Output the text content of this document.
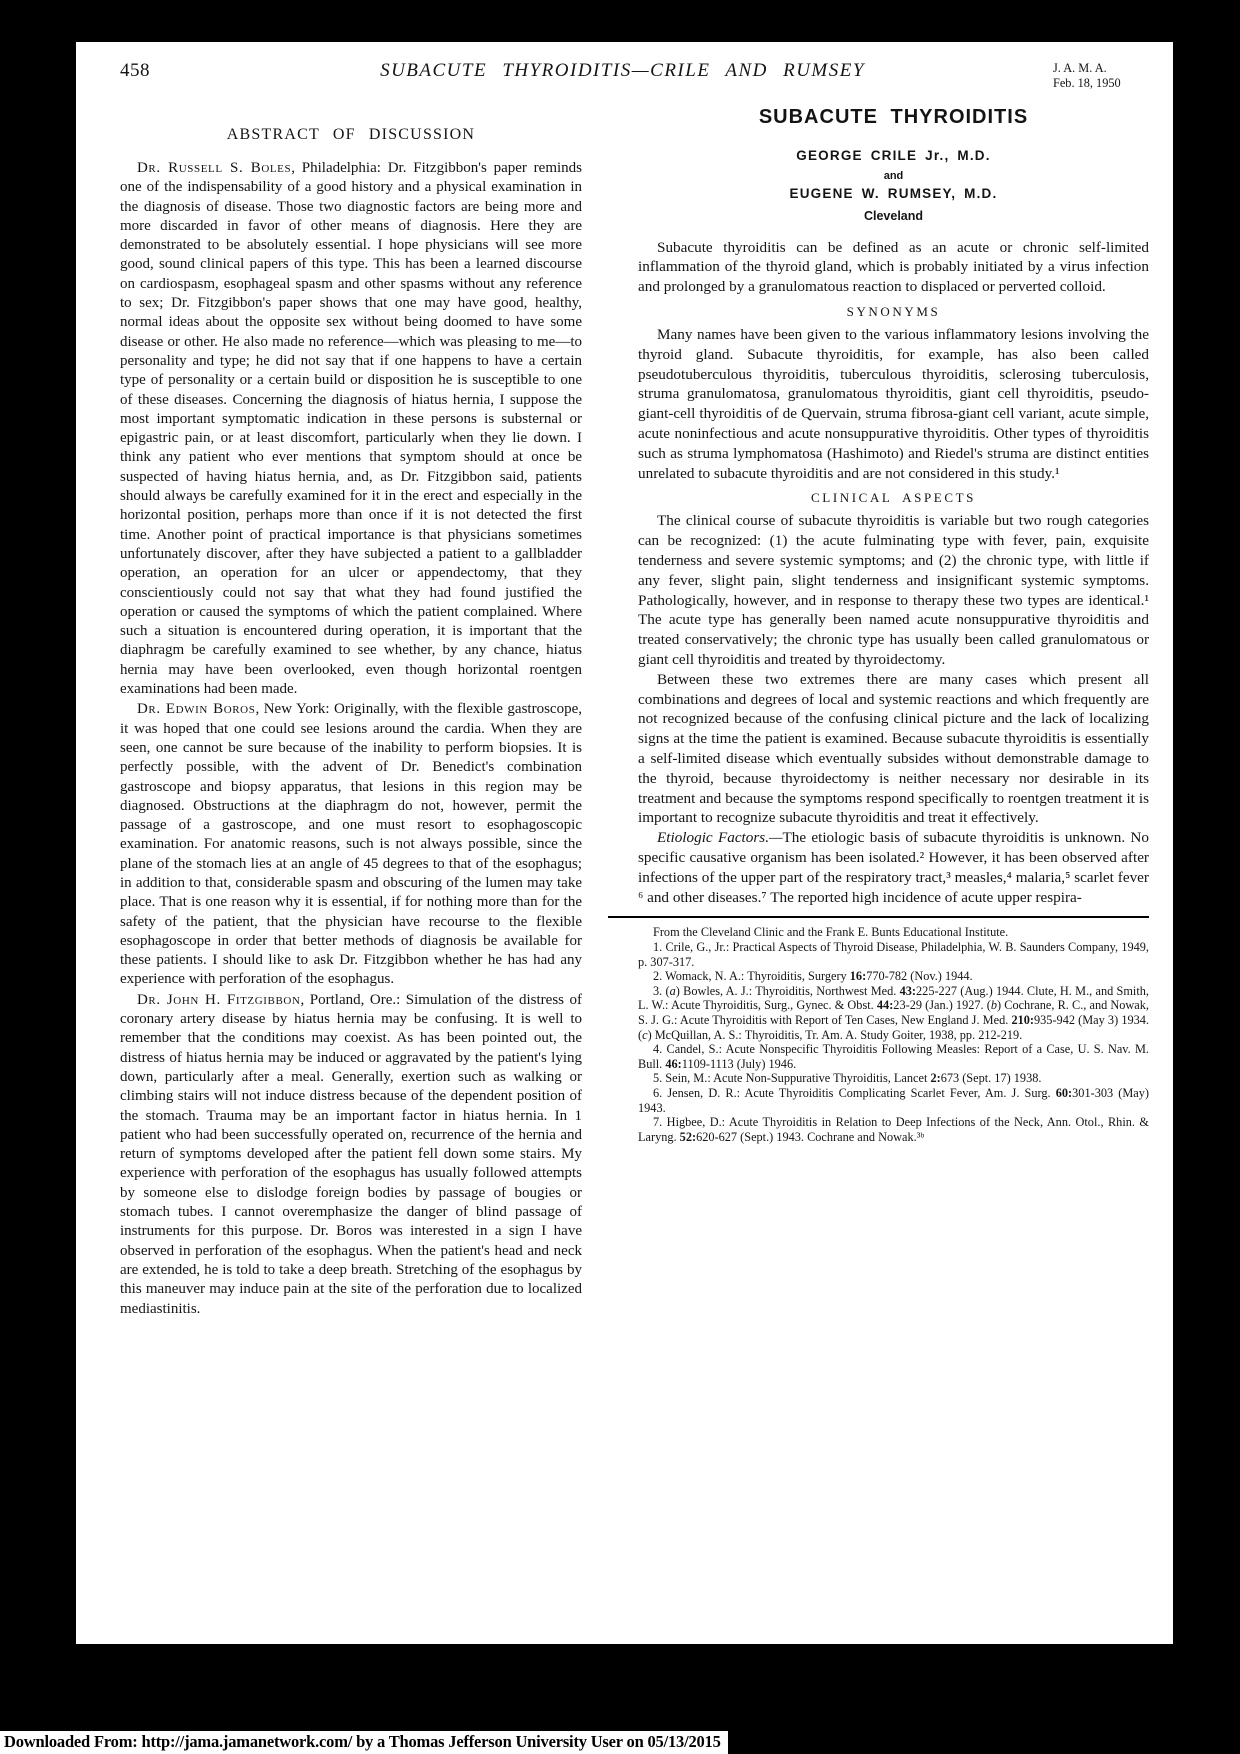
458	SUBACUTE THYROIDITIS—CRILE AND RUMSEY	J. A. M. A.
Feb. 18, 1950
ABSTRACT OF DISCUSSION

Dr. Russell S. Boles, Philadelphia: Dr. Fitzgibbon's paper reminds one of the indispensability of a good history and a physical examination in the diagnosis of disease. Those two diagnostic factors are being more and more discarded in favor of other means of diagnosis. Here they are demonstrated to be absolutely essential. I hope physicians will see more good, sound clinical papers of this type. This has been a learned discourse on cardiospasm, esophageal spasm and other spasms without any reference to sex; Dr. Fitzgibbon's paper shows that one may have good, healthy, normal ideas about the opposite sex without being doomed to have some disease or other. He also made no reference—which was pleasing to me—to personality and type; he did not say that if one happens to have a certain type of personality or a certain build or disposition he is susceptible to one of these diseases. Concerning the diagnosis of hiatus hernia, I suppose the most important symptomatic indication in these persons is substernal or epigastric pain, or at least discomfort, particularly when they lie down. I think any patient who ever mentions that symptom should at once be suspected of having hiatus hernia, and, as Dr. Fitzgibbon said, patients should always be carefully examined for it in the erect and especially in the horizontal position, perhaps more than once if it is not detected the first time. Another point of practical importance is that physicians sometimes unfortunately discover, after they have subjected a patient to a gallbladder operation, an operation for an ulcer or appendectomy, that they conscientiously could not say that what they had found justified the operation or caused the symptoms of which the patient complained. Where such a situation is encountered during operation, it is important that the diaphragm be carefully examined to see whether, by any chance, hiatus hernia may have been overlooked, even though horizontal roentgen examinations had been made.

Dr. Edwin Boros, New York: Originally, with the flexible gastroscope, it was hoped that one could see lesions around the cardia. When they are seen, one cannot be sure because of the inability to perform biopsies. It is perfectly possible, with the advent of Dr. Benedict's combination gastroscope and biopsy apparatus, that lesions in this region may be diagnosed. Obstructions at the diaphragm do not, however, permit the passage of a gastroscope, and one must resort to esophagoscopic examination. For anatomic reasons, such is not always possible, since the plane of the stomach lies at an angle of 45 degrees to that of the esophagus; in addition to that, considerable spasm and obscuring of the lumen may take place. That is one reason why it is essential, if for nothing more than for the safety of the patient, that the physician have recourse to the flexible esophagoscope in order that better methods of diagnosis be available for these patients. I should like to ask Dr. Fitzgibbon whether he has had any experience with perforation of the esophagus.

Dr. John H. Fitzgibbon, Portland, Ore.: Simulation of the distress of coronary artery disease by hiatus hernia may be confusing. It is well to remember that the conditions may coexist. As has been pointed out, the distress of hiatus hernia may be induced or aggravated by the patient's lying down, particularly after a meal. Generally, exertion such as walking or climbing stairs will not induce distress because of the dependent position of the stomach. Trauma may be an important factor in hiatus hernia. In 1 patient who had been successfully operated on, recurrence of the hernia and return of symptoms developed after the patient fell down some stairs. My experience with perforation of the esophagus has usually followed attempts by someone else to dislodge foreign bodies by passage of bougies or stomach tubes. I cannot overemphasize the danger of blind passage of instruments for this purpose. Dr. Boros was interested in a sign I have observed in perforation of the esophagus. When the patient's head and neck are extended, he is told to take a deep breath. Stretching of the esophagus by this maneuver may induce pain at the site of the perforation due to localized mediastinitis.

SUBACUTE THYROIDITIS
GEORGE CRILE Jr., M.D.
and
EUGENE W. RUMSEY, M.D.
Cleveland

Subacute thyroiditis can be defined as an acute or chronic self-limited inflammation of the thyroid gland, which is probably initiated by a virus infection and prolonged by a granulomatous reaction to displaced or perverted colloid.

SYNONYMS

Many names have been given to the various inflammatory lesions involving the thyroid gland. Subacute thyroiditis, for example, has also been called pseudotuberculous thyroiditis, tuberculous thyroiditis, sclerosing tuberculosis, struma granulomatosa, granulomatous thyroiditis, giant cell thyroiditis, pseudo-giant-cell thyroiditis of de Quervain, struma fibrosa-giant cell variant, acute simple, acute noninfectious and acute nonsuppurative thyroiditis. Other types of thyroiditis such as struma lymphomatosa (Hashimoto) and Riedel's struma are distinct entities unrelated to subacute thyroiditis and are not considered in this study.¹

CLINICAL ASPECTS

The clinical course of subacute thyroiditis is variable but two rough categories can be recognized: (1) the acute fulminating type with fever, pain, exquisite tenderness and severe systemic symptoms; and (2) the chronic type, with little if any fever, slight pain, slight tenderness and insignificant systemic symptoms. Pathologically, however, and in response to therapy these two types are identical.¹ The acute type has generally been named acute nonsuppurative thyroiditis and treated conservatively; the chronic type has usually been called granulomatous or giant cell thyroiditis and treated by thyroidectomy.

Between these two extremes there are many cases which present all combinations and degrees of local and systemic reactions and which frequently are not recognized because of the confusing clinical picture and the lack of localizing signs at the time the patient is examined. Because subacute thyroiditis is essentially a self-limited disease which eventually subsides without demonstrable damage to the thyroid, because thyroidectomy is neither necessary nor desirable in its treatment and because the symptoms respond specifically to roentgen treatment it is important to recognize subacute thyroiditis and treat it effectively.

Etiologic Factors.—The etiologic basis of subacute thyroiditis is unknown. No specific causative organism has been isolated.² However, it has been observed after infections of the upper part of the respiratory tract,³ measles,⁴ malaria,⁵ scarlet fever ⁶ and other diseases.⁷ The reported high incidence of acute upper respira-

From the Cleveland Clinic and the Frank E. Bunts Educational Institute.

1. Crile, G., Jr.: Practical Aspects of Thyroid Disease, Philadelphia, W. B. Saunders Company, 1949, p. 307-317.

2. Womack, N. A.: Thyroiditis, Surgery 16:770-782 (Nov.) 1944.

3. (a) Bowles, A. J.: Thyroiditis, Northwest Med. 43:225-227 (Aug.) 1944. Clute, H. M., and Smith, L. W.: Acute Thyroiditis, Surg., Gynec. & Obst. 44:23-29 (Jan.) 1927. (b) Cochrane, R. C., and Nowak, S. J. G.: Acute Thyroiditis with Report of Ten Cases, New England J. Med. 210:935-942 (May 3) 1934. (c) McQuillan, A. S.: Thyroiditis, Tr. Am. A. Study Goiter, 1938, pp. 212-219.

4. Candel, S.: Acute Nonspecific Thyroiditis Following Measles: Report of a Case, U. S. Nav. M. Bull. 46:1109-1113 (July) 1946.

5. Sein, M.: Acute Non-Suppurative Thyroiditis, Lancet 2:673 (Sept. 17) 1938.

6. Jensen, D. R.: Acute Thyroiditis Complicating Scarlet Fever, Am. J. Surg. 60:301-303 (May) 1943.

7. Higbee, D.: Acute Thyroiditis in Relation to Deep Infections of the Neck, Ann. Otol., Rhin. & Laryng. 52:620-627 (Sept.) 1943. Cochrane and Nowak.³ᵇ

Downloaded From: http://jama.jamanetwork.com/ by a Thomas Jefferson University User on 05/13/2015
